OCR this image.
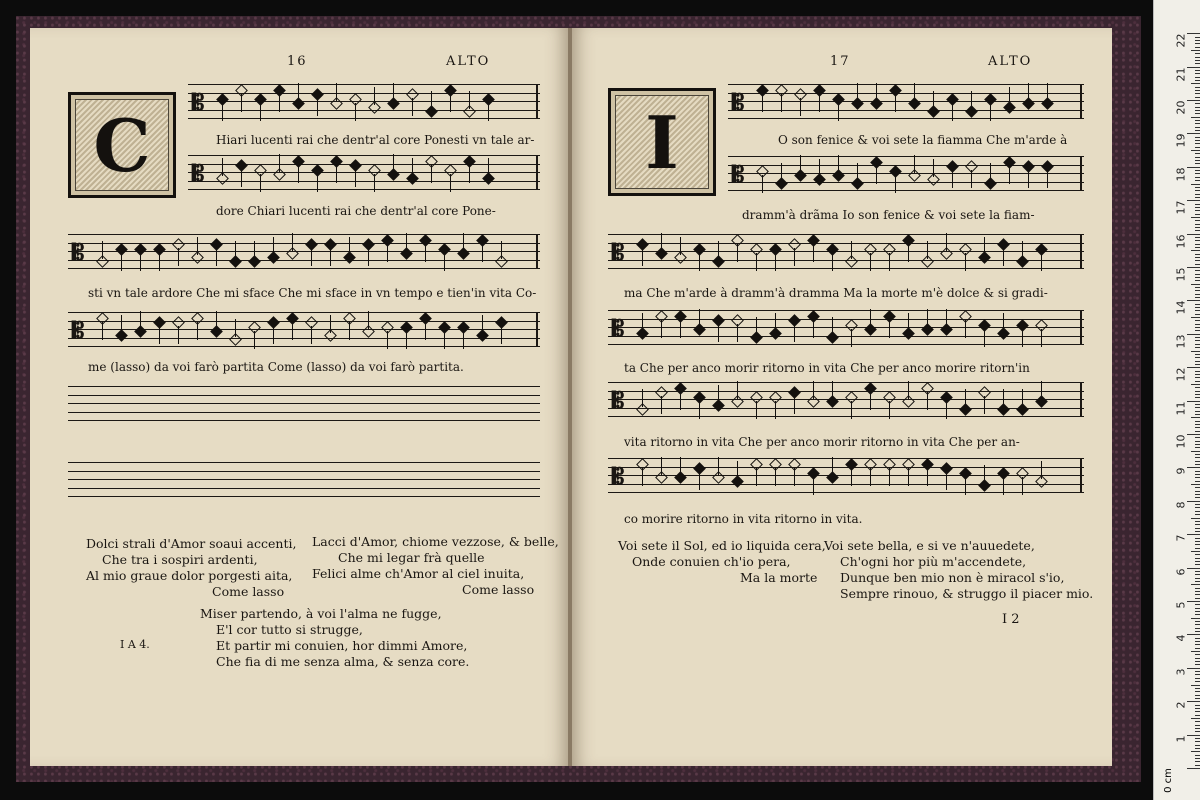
16	ALTO
C 𝄡
Hiari lucenti rai che dentr'al core Ponesti vn tale ar-
𝄡
dore Chiari lucenti rai che dentr'al core Pone-
𝄡
sti vn tale ardore Che mi sface Che mi sface in vn tempo e tien'in vita Co-
𝄡
me (lasso) da voi farò partita Come (lasso) da voi farò partita.
Dolci strali d'Amor soaui accenti,
Che tra i sospiri ardenti,
Al mio graue dolor porgesti aita,
Come lasso
Lacci d'Amor, chiome vezzose, & belle,
Che mi legar frà quelle
Felici alme ch'Amor al ciel inuita,
Come lasso
Miser partendo, à voi l'alma ne fugge,
E'l cor tutto si strugge,
Et partir mi conuien, hor dimmi Amore,
Che fia di me senza alma, & senza core.
I A 4.
17	ALTO
I 𝄡
O son fenice & voi sete la fiamma Che m'arde à
𝄡
dramm'à drãma Io son fenice & voi sete la fiam-
𝄡
ma Che m'arde à dramm'à dramma Ma la morte m'è dolce & si gradi-
𝄡
ta Che per anco morir ritorno in vita Che per anco morire ritorn'in
𝄡
vita ritorno in vita Che per anco morir ritorno in vita Che per an-
𝄡
co morire ritorno in vita ritorno in vita.
Voi sete il Sol, ed io liquida cera,
Onde conuien ch'io pera,
Ma la morte
Voi sete bella, e si ve n'auuedete,
Ch'ogni hor più m'accendete,
Dunque ben mio non è miracol s'io,
Sempre rinouo, & struggo il piacer mio.
I 2
0 cm
1
2
3
4
5
6
7
8
9
10
11
12
13
14
15
16
17
18
19
20
21
22
